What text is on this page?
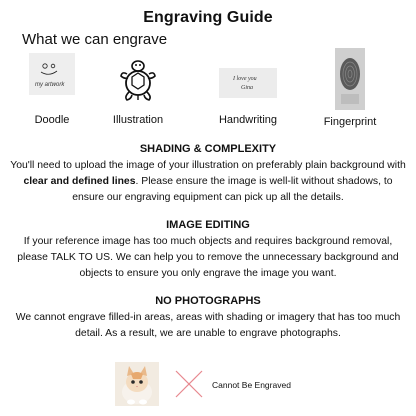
Engraving Guide
What we can engrave
my artwork
Doodle	Illustration
I love you
Gina
Handwriting	Fingerprint
SHADING & COMPLEXITY

You'll need to upload the image of your illustration on preferably plain background with clear and defined lines. Please ensure the image is well-lit without shadows, to ensure our engraving equipment can pick up all the details.

IMAGE EDITING

If your reference image has too much objects and requires background removal, please TALK TO US. We can help you to remove the unnecessary background and objects to ensure you only engrave the image you want.

NO PHOTOGRAPHS

We cannot engrave filled-in areas, areas with shading or imagery that has too much detail. As a result, we are unable to engrave photographs.

Cannot Be Engraved
